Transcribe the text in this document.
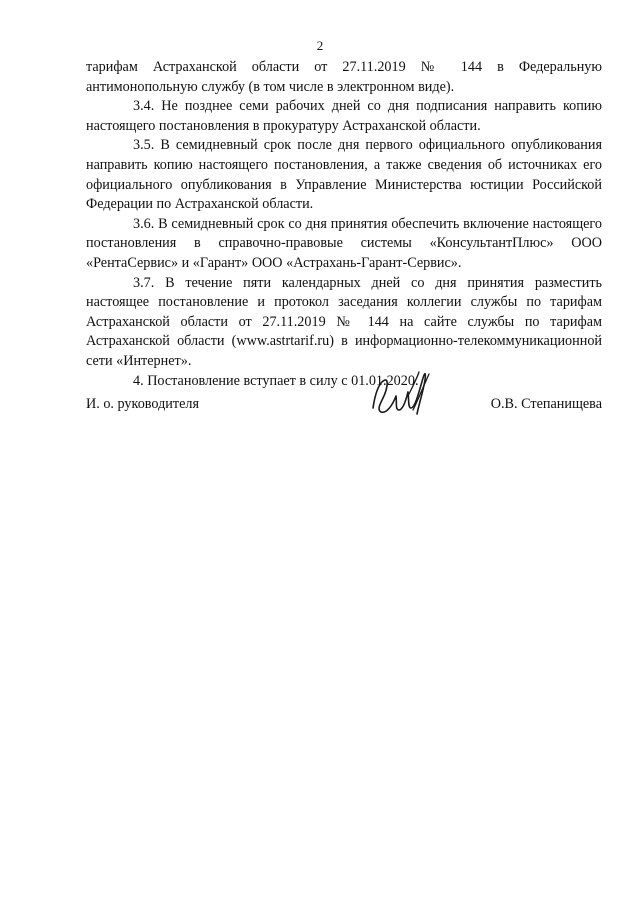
2

тарифам Астраханской области от 27.11.2019 № 144 в Федеральную антимонопольную службу (в том числе в электронном виде).

3.4. Не позднее семи рабочих дней со дня подписания направить копию настоящего постановления в прокуратуру Астраханской области.

3.5. В семидневный срок после дня первого официального опубликования направить копию настоящего постановления, а также сведения об источниках его официального опубликования в Управление Министерства юстиции Российской Федерации по Астраханской области.

3.6. В семидневный срок со дня принятия обеспечить включение настоящего постановления в справочно-правовые системы «КонсультантПлюс» ООО «РентаСервис» и «Гарант» ООО «Астрахань-Гарант-Сервис».

3.7. В течение пяти календарных дней со дня принятия разместить настоящее постановление и протокол заседания коллегии службы по тарифам Астраханской области от 27.11.2019 № 144 на сайте службы по тарифам Астраханской области (www.astrtarif.ru) в информационно-телекоммуникационной сети «Интернет».

4. Постановление вступает в силу с 01.01.2020.

И. о. руководителя	О.В. Степанищева
